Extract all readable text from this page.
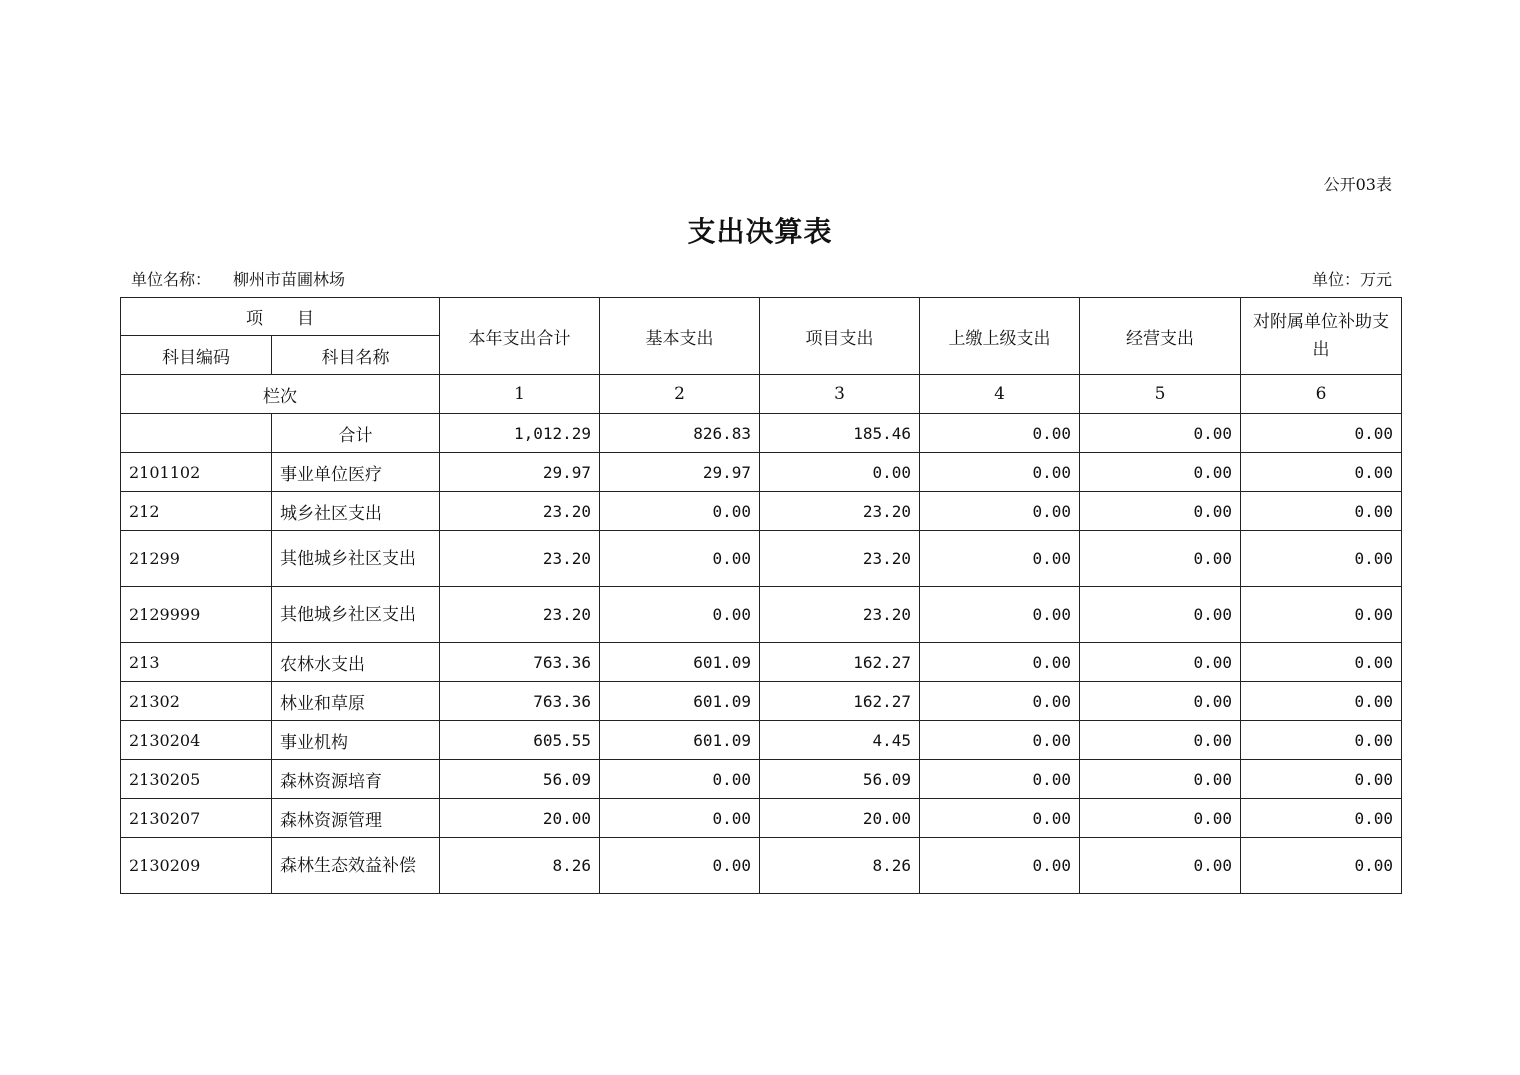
公开03表
支出决算表
单位名称： 柳州市苗圃林场	单位：万元
项　　目		本年支出合计	基本支出	项目支出	上缴上级支出	经营支出	对附属单位补助支出
科目编码	科目名称						
栏次		1	2	3	4	5	6
	合计	1,012.29	826.83	185.46	0.00	0.00	0.00
2101102	事业单位医疗	29.97	29.97	0.00	0.00	0.00	0.00
212	城乡社区支出	23.20	0.00	23.20	0.00	0.00	0.00
21299	其他城乡社区支出	23.20	0.00	23.20	0.00	0.00	0.00
2129999	其他城乡社区支出	23.20	0.00	23.20	0.00	0.00	0.00
213	农林水支出	763.36	601.09	162.27	0.00	0.00	0.00
21302	林业和草原	763.36	601.09	162.27	0.00	0.00	0.00
2130204	事业机构	605.55	601.09	4.45	0.00	0.00	0.00
2130205	森林资源培育	56.09	0.00	56.09	0.00	0.00	0.00
2130207	森林资源管理	20.00	0.00	20.00	0.00	0.00	0.00
2130209	森林生态效益补偿	8.26	0.00	8.26	0.00	0.00	0.00
